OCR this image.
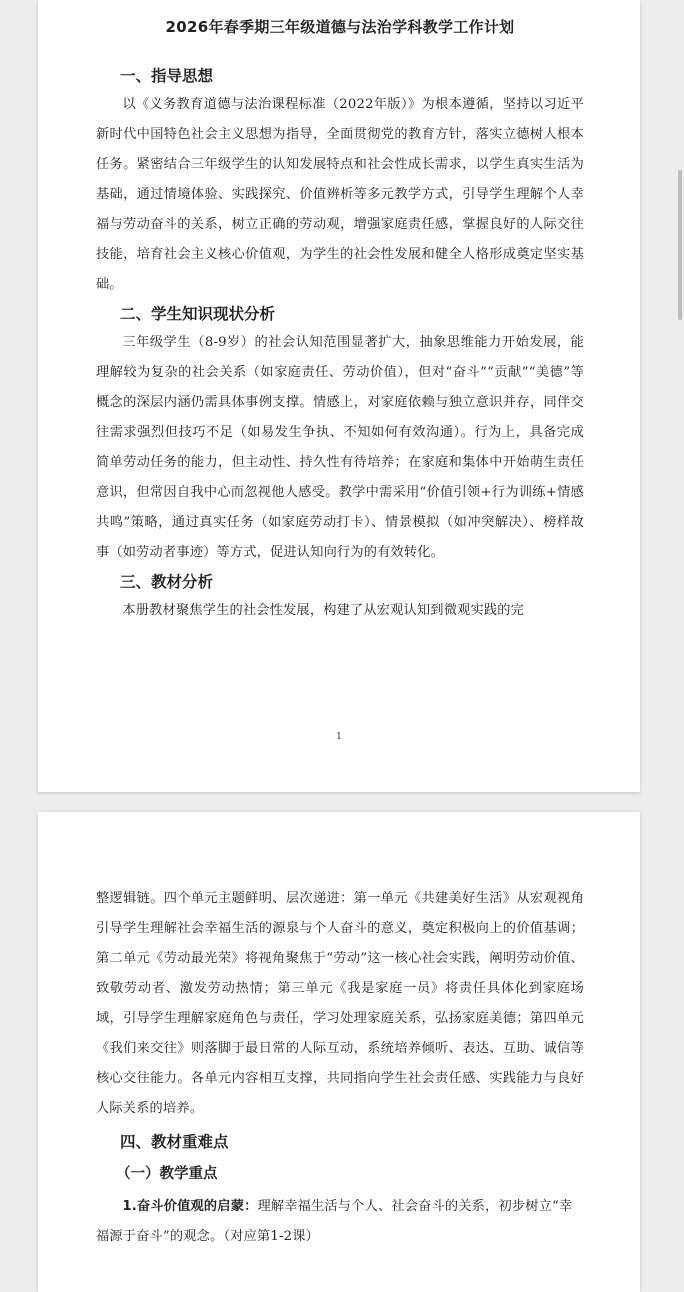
2026年春季期三年级道德与法治学科教学工作计划
一、指导思想

以《义务教育道德与法治课程标准（2022年版）》为根本遵循，坚持以习近平新时代中国特色社会主义思想为指导，全面贯彻党的教育方针，落实立德树人根本任务。紧密结合三年级学生的认知发展特点和社会性成长需求，以学生真实生活为基础，通过情境体验、实践探究、价值辨析等多元教学方式，引导学生理解个人幸福与劳动奋斗的关系，树立正确的劳动观，增强家庭责任感，掌握良好的人际交往技能，培育社会主义核心价值观，为学生的社会性发展和健全人格形成奠定坚实基础。

二、学生知识现状分析

三年级学生（8-9岁）的社会认知范围显著扩大，抽象思维能力开始发展，能理解较为复杂的社会关系（如家庭责任、劳动价值），但对“奋斗”“贡献”“美德”等概念的深层内涵仍需具体事例支撑。情感上，对家庭依赖与独立意识并存，同伴交往需求强烈但技巧不足（如易发生争执、不知如何有效沟通）。行为上，具备完成简单劳动任务的能力，但主动性、持久性有待培养；在家庭和集体中开始萌生责任意识，但常因自我中心而忽视他人感受。教学中需采用“价值引领+行为训练+情感共鸣”策略，通过真实任务（如家庭劳动打卡）、情景模拟（如冲突解决）、榜样故事（如劳动者事迹）等方式，促进认知向行为的有效转化。

三、教材分析

本册教材聚焦学生的社会性发展，构建了从宏观认知到微观实践的完

1

整逻辑链。四个单元主题鲜明、层次递进：第一单元《共建美好生活》从宏观视角引导学生理解社会幸福生活的源泉与个人奋斗的意义，奠定积极向上的价值基调；第二单元《劳动最光荣》将视角聚焦于“劳动”这一核心社会实践，阐明劳动价值、致敬劳动者、激发劳动热情；第三单元《我是家庭一员》将责任具体化到家庭场域，引导学生理解家庭角色与责任，学习处理家庭关系，弘扬家庭美德；第四单元《我们来交往》则落脚于最日常的人际互动，系统培养倾听、表达、互助、诚信等核心交往能力。各单元内容相互支撑，共同指向学生社会责任感、实践能力与良好人际关系的培养。

四、教材重难点
（一）教学重点

1.奋斗价值观的启蒙：理解幸福生活与个人、社会奋斗的关系，初步树立“幸福源于奋斗”的观念。（对应第1-2课）
